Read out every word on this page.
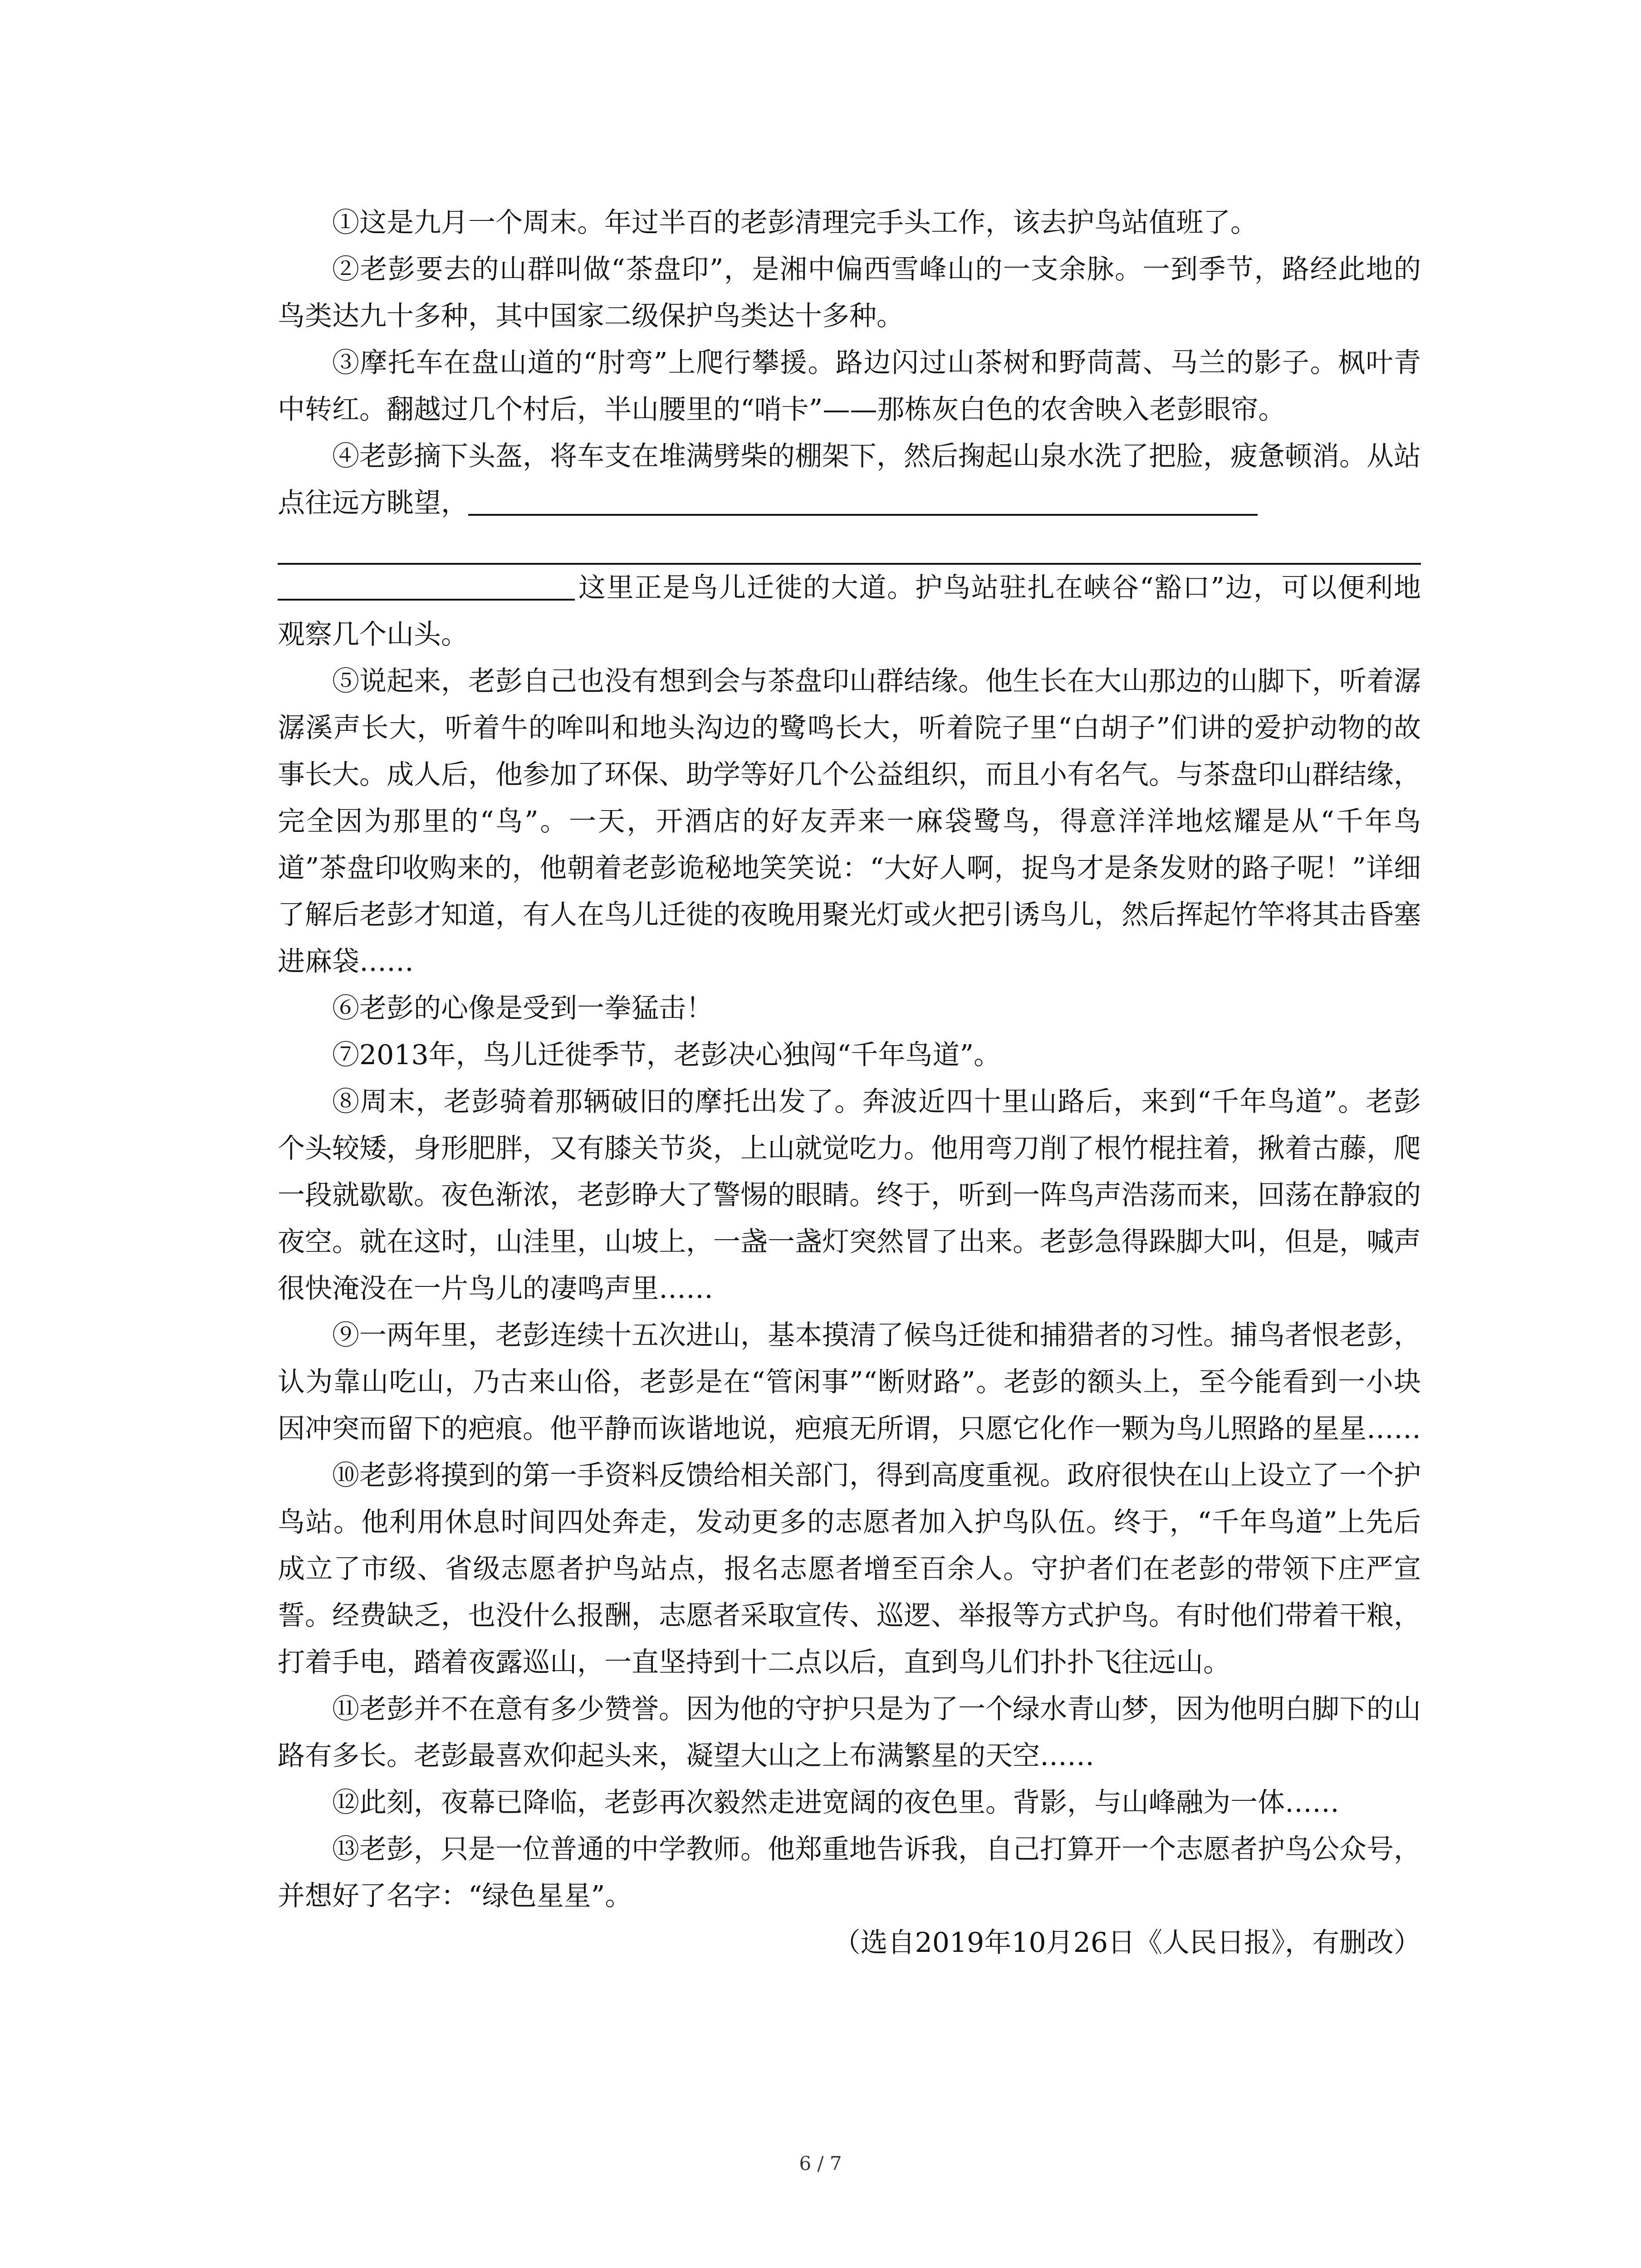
①这是九月一个周末。年过半百的老彭清理完手头工作，该去护鸟站值班了。

②老彭要去的山群叫做“茶盘印”，是湘中偏西雪峰山的一支余脉。一到季节，路经此地的鸟类达九十多种，其中国家二级保护鸟类达十多种。

③摩托车在盘山道的“肘弯”上爬行攀援。路边闪过山茶树和野茼蒿、马兰的影子。枫叶青中转红。翻越过几个村后，半山腰里的“哨卡”——那栋灰白色的农舍映入老彭眼帘。

④老彭摘下头盔，将车支在堆满劈柴的棚架下，然后掬起山泉水洗了把脸，疲惫顿消。从站点往远方眺望，

这里正是鸟儿迁徙的大道。护鸟站驻扎在峡谷“豁口”边，可以便利地观察几个山头。

⑤说起来，老彭自己也没有想到会与茶盘印山群结缘。他生长在大山那边的山脚下，听着潺潺溪声长大，听着牛的哞叫和地头沟边的鹭鸣长大，听着院子里“白胡子”们讲的爱护动物的故事长大。成人后，他参加了环保、助学等好几个公益组织，而且小有名气。与茶盘印山群结缘，完全因为那里的“鸟”。一天，开酒店的好友弄来一麻袋鹭鸟，得意洋洋地炫耀是从“千年鸟道”茶盘印收购来的，他朝着老彭诡秘地笑笑说：“大好人啊，捉鸟才是条发财的路子呢！”详细了解后老彭才知道，有人在鸟儿迁徙的夜晚用聚光灯或火把引诱鸟儿，然后挥起竹竿将其击昏塞进麻袋……

⑥老彭的心像是受到一拳猛击！

⑦2013年，鸟儿迁徙季节，老彭决心独闯“千年鸟道”。

⑧周末，老彭骑着那辆破旧的摩托出发了。奔波近四十里山路后，来到“千年鸟道”。老彭个头较矮，身形肥胖，又有膝关节炎，上山就觉吃力。他用弯刀削了根竹棍拄着，揪着古藤，爬一段就歇歇。夜色渐浓，老彭睁大了警惕的眼睛。终于，听到一阵鸟声浩荡而来，回荡在静寂的夜空。就在这时，山洼里，山坡上，一盏一盏灯突然冒了出来。老彭急得跺脚大叫，但是，喊声很快淹没在一片鸟儿的凄鸣声里……

⑨一两年里，老彭连续十五次进山，基本摸清了候鸟迁徙和捕猎者的习性。捕鸟者恨老彭，认为靠山吃山，乃古来山俗，老彭是在“管闲事”“断财路”。老彭的额头上，至今能看到一小块因冲突而留下的疤痕。他平静而诙谐地说，疤痕无所谓，只愿它化作一颗为鸟儿照路的星星……

⑩老彭将摸到的第一手资料反馈给相关部门，得到高度重视。政府很快在山上设立了一个护鸟站。他利用休息时间四处奔走，发动更多的志愿者加入护鸟队伍。终于，“千年鸟道”上先后成立了市级、省级志愿者护鸟站点，报名志愿者增至百余人。守护者们在老彭的带领下庄严宣誓。经费缺乏，也没什么报酬，志愿者采取宣传、巡逻、举报等方式护鸟。有时他们带着干粮，打着手电，踏着夜露巡山，一直坚持到十二点以后，直到鸟儿们扑扑飞往远山。

⑪老彭并不在意有多少赞誉。因为他的守护只是为了一个绿水青山梦，因为他明白脚下的山路有多长。老彭最喜欢仰起头来，凝望大山之上布满繁星的天空……

⑫此刻，夜幕已降临，老彭再次毅然走进宽阔的夜色里。背影，与山峰融为一体……

⑬老彭，只是一位普通的中学教师。他郑重地告诉我，自己打算开一个志愿者护鸟公众号，并想好了名字：“绿色星星”。

（选自2019年10月26日《人民日报》，有删改）

6 / 7
